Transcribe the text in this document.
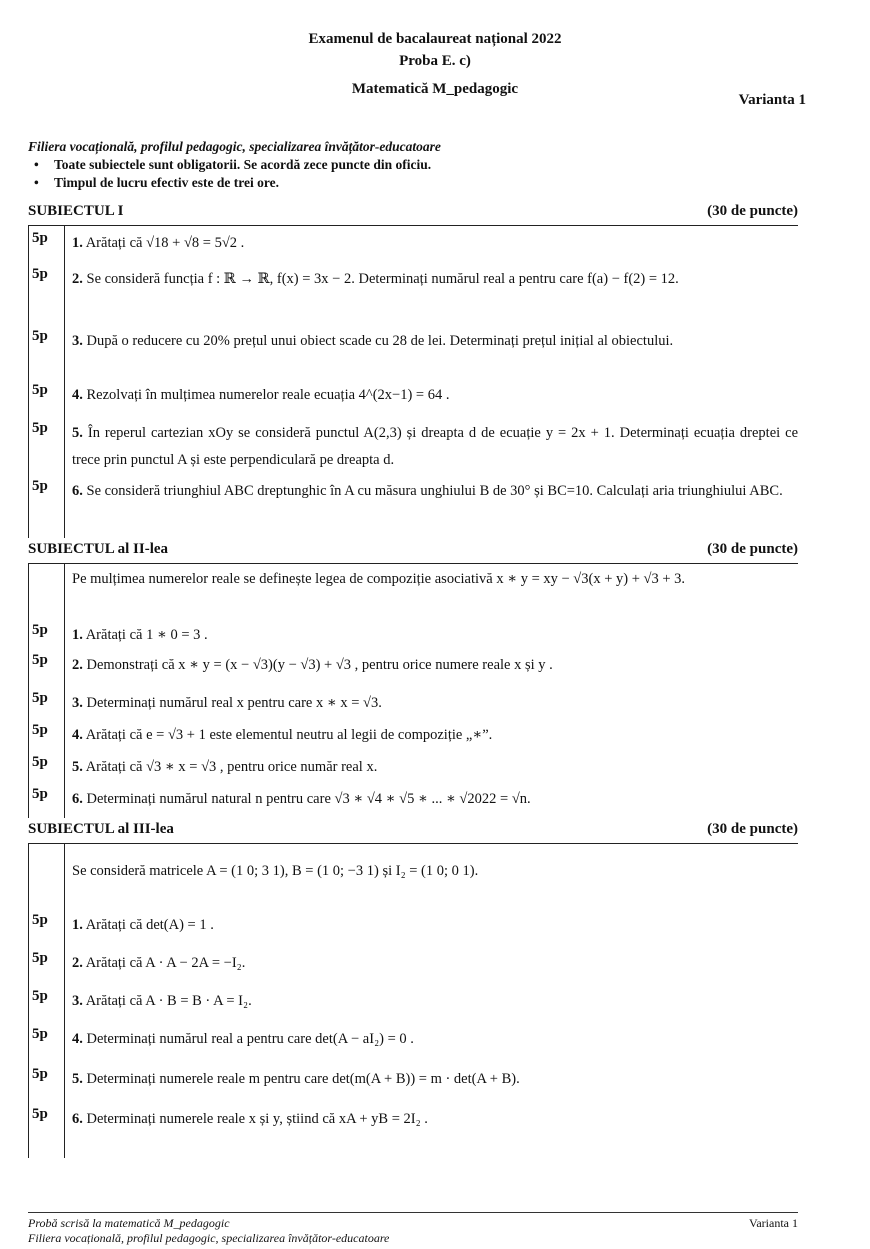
Examenul de bacalaureat național 2022
Proba E. c)
Matematică M_pedagogic
Varianta 1
Filiera vocațională, profilul pedagogic, specializarea învățător-educatoare
• Toate subiectele sunt obligatorii. Se acordă zece puncte din oficiu.
• Timpul de lucru efectiv este de trei ore.
SUBIECTUL I	(30 de puncte)
5p 1. Arătați că √18 + √8 = 5√2 .
5p 2. Se consideră funcția f : ℝ → ℝ, f(x) = 3x − 2. Determinați numărul real a pentru care f(a) − f(2) = 12.
5p 3. După o reducere cu 20% prețul unui obiect scade cu 28 de lei. Determinați prețul inițial al obiectului.
5p 4. Rezolvați în mulțimea numerelor reale ecuația 4^(2x−1) = 64 .
5p 5. În reperul cartezian xOy se consideră punctul A(2,3) și dreapta d de ecuație y = 2x + 1. Determinați ecuația dreptei ce trece prin punctul A și este perpendiculară pe dreapta d.
5p 6. Se consideră triunghiul ABC dreptunghic în A cu măsura unghiului B de 30° și BC=10. Calculați aria triunghiului ABC.
SUBIECTUL al II-lea	(30 de puncte)
Pe mulțimea numerelor reale se definește legea de compoziție asociativă x ∗ y = xy − √3(x + y) + √3 + 3.
5p 1. Arătați că 1 ∗ 0 = 3 .
5p 2. Demonstrați că x ∗ y = (x − √3)(y − √3) + √3 , pentru orice numere reale x și y .
5p 3. Determinați numărul real x pentru care x ∗ x = √3.
5p 4. Arătați că e = √3 + 1 este elementul neutru al legii de compoziție „∗”.
5p 5. Arătați că √3 ∗ x = √3 , pentru orice număr real x.
5p 6. Determinați numărul natural n pentru care √3 ∗ √4 ∗ √5 ∗ ... ∗ √2022 = √n.
SUBIECTUL al III-lea	(30 de puncte)
Se consideră matricele A = (1 0; 3 1), B = (1 0; −3 1) și I₂ = (1 0; 0 1).
5p 1. Arătați că det(A) = 1 .
5p 2. Arătați că A · A − 2A = −I₂.
5p 3. Arătați că A · B = B · A = I₂.
5p 4. Determinați numărul real a pentru care det(A − aI₂) = 0 .
5p 5. Determinați numerele reale m pentru care det(m(A + B)) = m · det(A + B).
5p 6. Determinați numerele reale x și y, știind că xA + yB = 2I₂ .
Probă scrisă la matematică M_pedagogic
Filiera vocațională, profilul pedagogic, specializarea învățător-educatoare
Varianta 1
